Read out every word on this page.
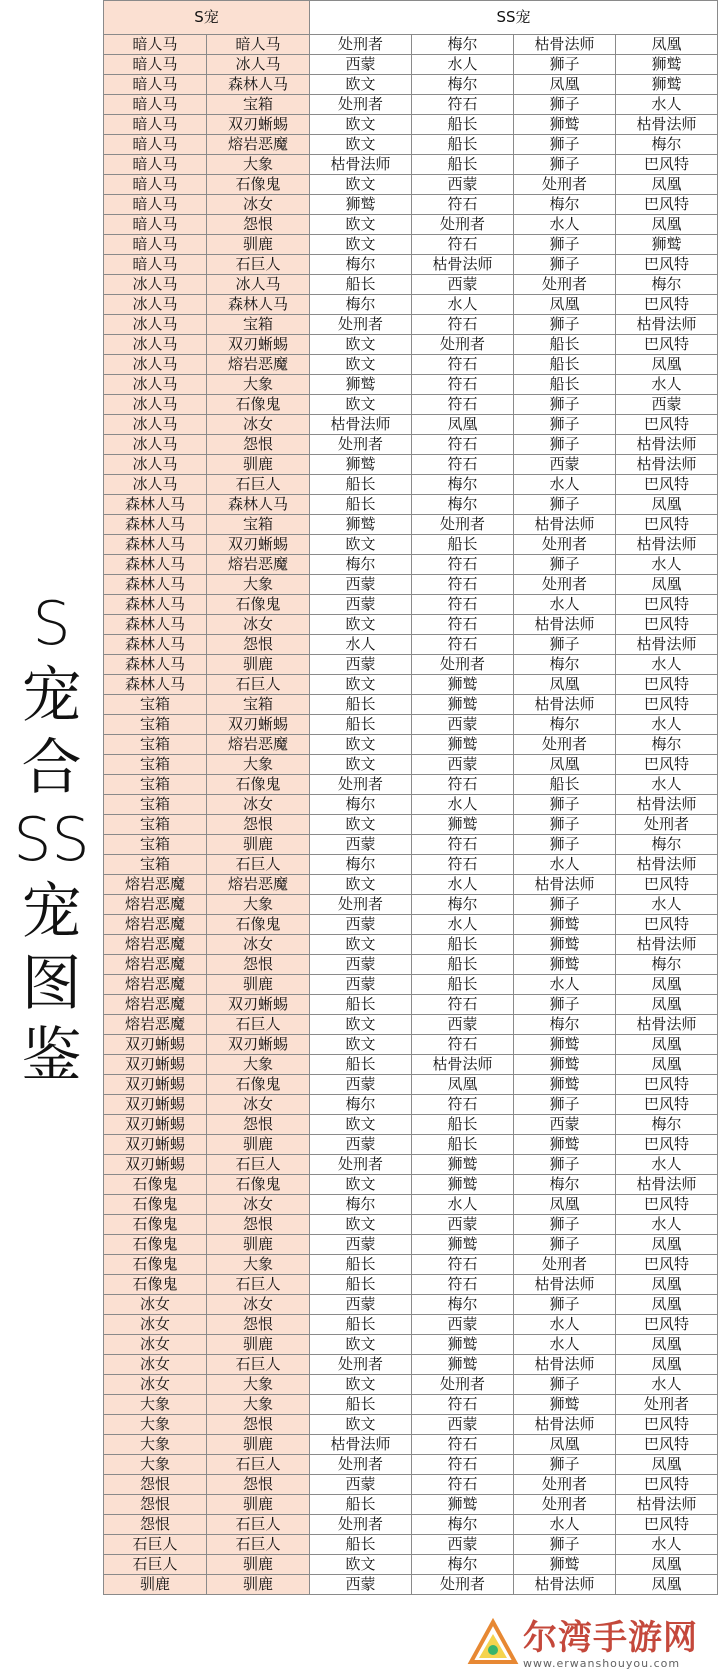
S
宠
合
SS
宠
图
鉴
S宠		SS宠			
暗人马	暗人马	处刑者	梅尔	枯骨法师	凤凰
暗人马	冰人马	西蒙	水人	狮子	狮鹫
暗人马	森林人马	欧文	梅尔	凤凰	狮鹫
暗人马	宝箱	处刑者	符石	狮子	水人
暗人马	双刃蜥蜴	欧文	船长	狮鹫	枯骨法师
暗人马	熔岩恶魔	欧文	船长	狮子	梅尔
暗人马	大象	枯骨法师	船长	狮子	巴风特
暗人马	石像鬼	欧文	西蒙	处刑者	凤凰
暗人马	冰女	狮鹫	符石	梅尔	巴风特
暗人马	怨恨	欧文	处刑者	水人	凤凰
暗人马	驯鹿	欧文	符石	狮子	狮鹫
暗人马	石巨人	梅尔	枯骨法师	狮子	巴风特
冰人马	冰人马	船长	西蒙	处刑者	梅尔
冰人马	森林人马	梅尔	水人	凤凰	巴风特
冰人马	宝箱	处刑者	符石	狮子	枯骨法师
冰人马	双刃蜥蜴	欧文	处刑者	船长	巴风特
冰人马	熔岩恶魔	欧文	符石	船长	凤凰
冰人马	大象	狮鹫	符石	船长	水人
冰人马	石像鬼	欧文	符石	狮子	西蒙
冰人马	冰女	枯骨法师	凤凰	狮子	巴风特
冰人马	怨恨	处刑者	符石	狮子	枯骨法师
冰人马	驯鹿	狮鹫	符石	西蒙	枯骨法师
冰人马	石巨人	船长	梅尔	水人	巴风特
森林人马	森林人马	船长	梅尔	狮子	凤凰
森林人马	宝箱	狮鹫	处刑者	枯骨法师	巴风特
森林人马	双刃蜥蜴	欧文	船长	处刑者	枯骨法师
森林人马	熔岩恶魔	梅尔	符石	狮子	水人
森林人马	大象	西蒙	符石	处刑者	凤凰
森林人马	石像鬼	西蒙	符石	水人	巴风特
森林人马	冰女	欧文	符石	枯骨法师	巴风特
森林人马	怨恨	水人	符石	狮子	枯骨法师
森林人马	驯鹿	西蒙	处刑者	梅尔	水人
森林人马	石巨人	欧文	狮鹫	凤凰	巴风特
宝箱	宝箱	船长	狮鹫	枯骨法师	巴风特
宝箱	双刃蜥蜴	船长	西蒙	梅尔	水人
宝箱	熔岩恶魔	欧文	狮鹫	处刑者	梅尔
宝箱	大象	欧文	西蒙	凤凰	巴风特
宝箱	石像鬼	处刑者	符石	船长	水人
宝箱	冰女	梅尔	水人	狮子	枯骨法师
宝箱	怨恨	欧文	狮鹫	狮子	处刑者
宝箱	驯鹿	西蒙	符石	狮子	梅尔
宝箱	石巨人	梅尔	符石	水人	枯骨法师
熔岩恶魔	熔岩恶魔	欧文	水人	枯骨法师	巴风特
熔岩恶魔	大象	处刑者	梅尔	狮子	水人
熔岩恶魔	石像鬼	西蒙	水人	狮鹫	巴风特
熔岩恶魔	冰女	欧文	船长	狮鹫	枯骨法师
熔岩恶魔	怨恨	西蒙	船长	狮鹫	梅尔
熔岩恶魔	驯鹿	西蒙	船长	水人	凤凰
熔岩恶魔	双刃蜥蜴	船长	符石	狮子	凤凰
熔岩恶魔	石巨人	欧文	西蒙	梅尔	枯骨法师
双刃蜥蜴	双刃蜥蜴	欧文	符石	狮鹫	凤凰
双刃蜥蜴	大象	船长	枯骨法师	狮鹫	凤凰
双刃蜥蜴	石像鬼	西蒙	凤凰	狮鹫	巴风特
双刃蜥蜴	冰女	梅尔	符石	狮子	巴风特
双刃蜥蜴	怨恨	欧文	船长	西蒙	梅尔
双刃蜥蜴	驯鹿	西蒙	船长	狮鹫	巴风特
双刃蜥蜴	石巨人	处刑者	狮鹫	狮子	水人
石像鬼	石像鬼	欧文	狮鹫	梅尔	枯骨法师
石像鬼	冰女	梅尔	水人	凤凰	巴风特
石像鬼	怨恨	欧文	西蒙	狮子	水人
石像鬼	驯鹿	西蒙	狮鹫	狮子	凤凰
石像鬼	大象	船长	符石	处刑者	巴风特
石像鬼	石巨人	船长	符石	枯骨法师	凤凰
冰女	冰女	西蒙	梅尔	狮子	凤凰
冰女	怨恨	船长	西蒙	水人	巴风特
冰女	驯鹿	欧文	狮鹫	水人	凤凰
冰女	石巨人	处刑者	狮鹫	枯骨法师	凤凰
冰女	大象	欧文	处刑者	狮子	水人
大象	大象	船长	符石	狮鹫	处刑者
大象	怨恨	欧文	西蒙	枯骨法师	巴风特
大象	驯鹿	枯骨法师	符石	凤凰	巴风特
大象	石巨人	处刑者	符石	狮子	凤凰
怨恨	怨恨	西蒙	符石	处刑者	巴风特
怨恨	驯鹿	船长	狮鹫	处刑者	枯骨法师
怨恨	石巨人	处刑者	梅尔	水人	巴风特
石巨人	石巨人	船长	西蒙	狮子	水人
石巨人	驯鹿	欧文	梅尔	狮鹫	凤凰
驯鹿	驯鹿	西蒙	处刑者	枯骨法师	凤凰
尔湾手游网
www.erwanshouyou.com
